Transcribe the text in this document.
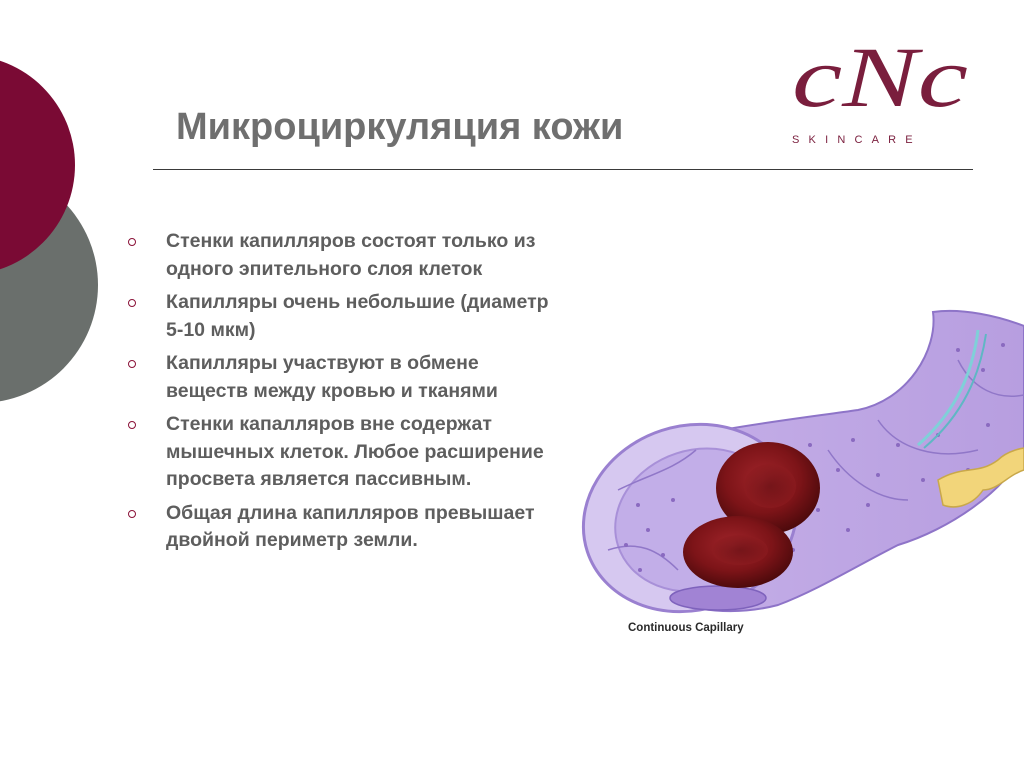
cNc
SKINCARE
Микроциркуляция кожи
Стенки капилляров состоят только из одного эпительного слоя клеток
Капилляры очень небольшие (диаметр 5-10 мкм)
Капилляры участвуют в обмене веществ между кровью и тканями
Стенки капалляров вне содержат мышечных клеток. Любое расширение просвета является пассивным.
Общая длина капилляров превышает двойной периметр земли.
Continuous Capillary
